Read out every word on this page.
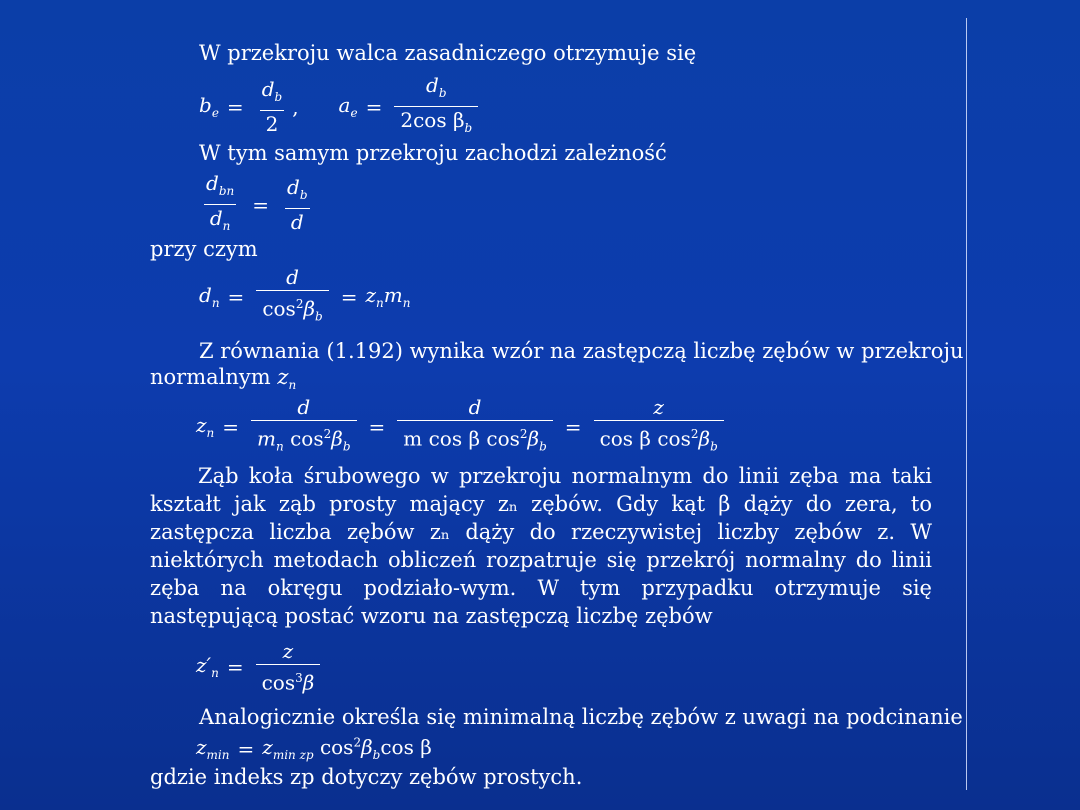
W przekroju walca zasadniczego otrzymuje się
$b_e = \frac{d_b}{2}$ , $a_e = \frac{d_b}{2\cos \beta_b}$
W tym samym przekroju zachodzi zależność
$\frac{d_{bn}}{d_n} = \frac{d_b}{d}$
przy czym
$d_n = \frac{d}{\cos^2\beta_b} = z_nm_n$
Z równania (1.192) wynika wzór na zastępczą liczbę zębów w przekroju
normalnym $z_n$
$z_n = \frac{d}{m_n \cos^2\beta_b} = \frac{d}{m \cos \beta \cos^2\beta_b} = \frac{z}{\cos \beta \cos^2\beta_b}$
Ząb koła śrubowego w przekroju normalnym do linii zęba ma taki kształt jak ząb prosty mający zₙ zębów. Gdy kąt β dąży do zera, to zastępcza liczba zębów zₙ dąży do rzeczywistej liczby zębów z. W niektórych metodach obliczeń rozpatruje się przekrój normalny do linii zęba na okręgu podziało-wym. W tym przypadku otrzymuje się następującą postać wzoru na zastępczą liczbę zębów
$z'_n = \frac{z}{\cos^3\beta}$
Analogicznie określa się minimalną liczbę zębów z uwagi na podcinanie
$z_{min} = z_{min zp}$ $\cos^2\beta_b\cos$ β
gdzie indeks zp dotyczy zębów prostych.
